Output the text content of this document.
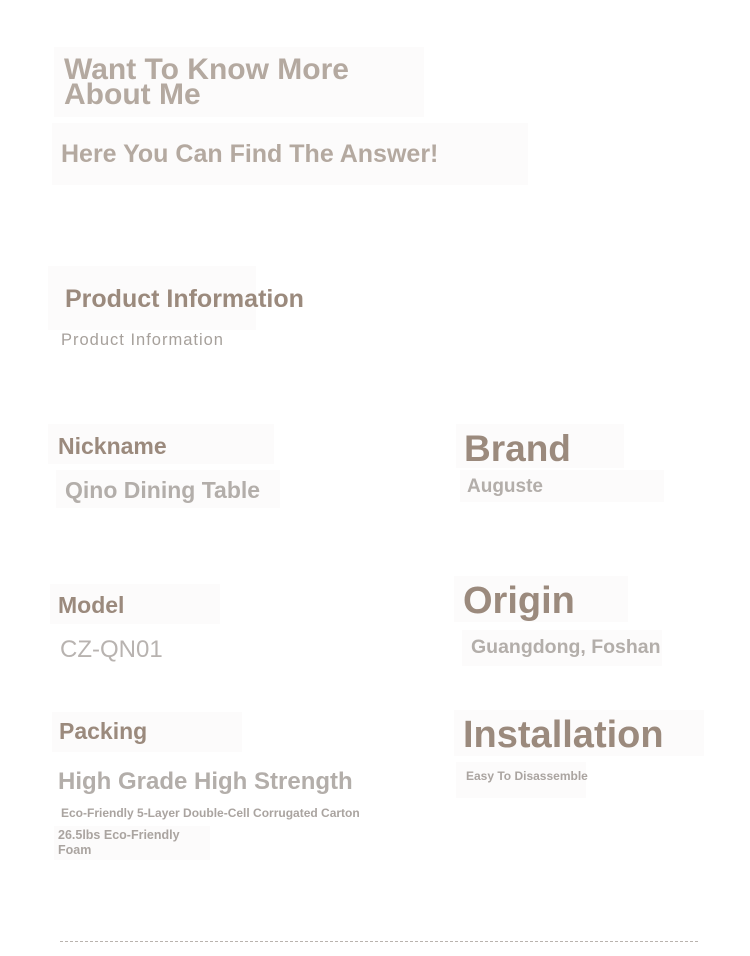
Want To Know More
About Me
Here You Can Find The Answer!
Product Information
Product Information
Nickname
Qino Dining Table
Brand
Auguste
Model
CZ-QN01
Origin
Guangdong, Foshan
Packing
High Grade High Strength
Eco-Friendly 5-Layer Double-Cell Corrugated Carton
26.5lbs Eco-Friendly
Foam
Installation
Easy To Disassemble
